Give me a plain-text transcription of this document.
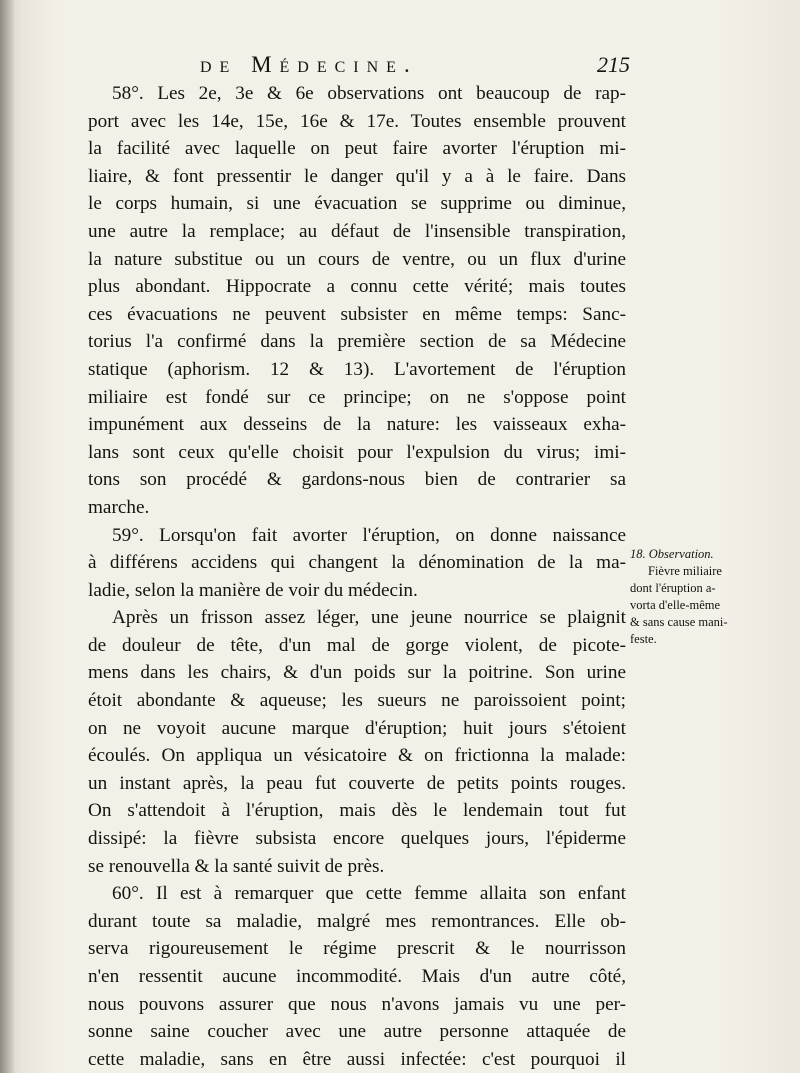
de Médecine.	215
58°. Les 2e, 3e & 6e observations ont beaucoup de rap-
port avec les 14e, 15e, 16e & 17e. Toutes ensemble prouvent
la facilité avec laquelle on peut faire avorter l'éruption mi-
liaire, & font pressentir le danger qu'il y a à le faire. Dans
le corps humain, si une évacuation se supprime ou diminue,
une autre la remplace; au défaut de l'insensible transpiration,
la nature substitue ou un cours de ventre, ou un flux d'urine
plus abondant. Hippocrate a connu cette vérité; mais toutes
ces évacuations ne peuvent subsister en même temps: Sanc-
torius l'a confirmé dans la première section de sa Médecine
statique (aphorism. 12 & 13). L'avortement de l'éruption
miliaire est fondé sur ce principe; on ne s'oppose point
impunément aux desseins de la nature: les vaisseaux exha-
lans sont ceux qu'elle choisit pour l'expulsion du virus; imi-
tons son procédé & gardons-nous bien de contrarier sa
marche.
59°. Lorsqu'on fait avorter l'éruption, on donne naissance
à différens accidens qui changent la dénomination de la ma-
ladie, selon la manière de voir du médecin.
Après un frisson assez léger, une jeune nourrice se plaignit
de douleur de tête, d'un mal de gorge violent, de picote-
mens dans les chairs, & d'un poids sur la poitrine. Son urine
étoit abondante & aqueuse; les sueurs ne paroissoient point;
on ne voyoit aucune marque d'éruption; huit jours s'étoient
écoulés. On appliqua un vésicatoire & on frictionna la malade:
un instant après, la peau fut couverte de petits points rouges.
On s'attendoit à l'éruption, mais dès le lendemain tout fut
dissipé: la fièvre subsista encore quelques jours, l'épiderme
se renouvella & la santé suivit de près.
60°. Il est à remarquer que cette femme allaita son enfant
durant toute sa maladie, malgré mes remontrances. Elle ob-
serva rigoureusement le régime prescrit & le nourrisson
n'en ressentit aucune incommodité. Mais d'un autre côté,
nous pouvons assurer que nous n'avons jamais vu une per-
sonne saine coucher avec une autre personne attaquée de
cette maladie, sans en être aussi infectée: c'est pourquoi il
18. Observation.
Fièvre miliaire
dont l'éruption a-
vorta d'elle-même
& sans cause mani-
feste.
